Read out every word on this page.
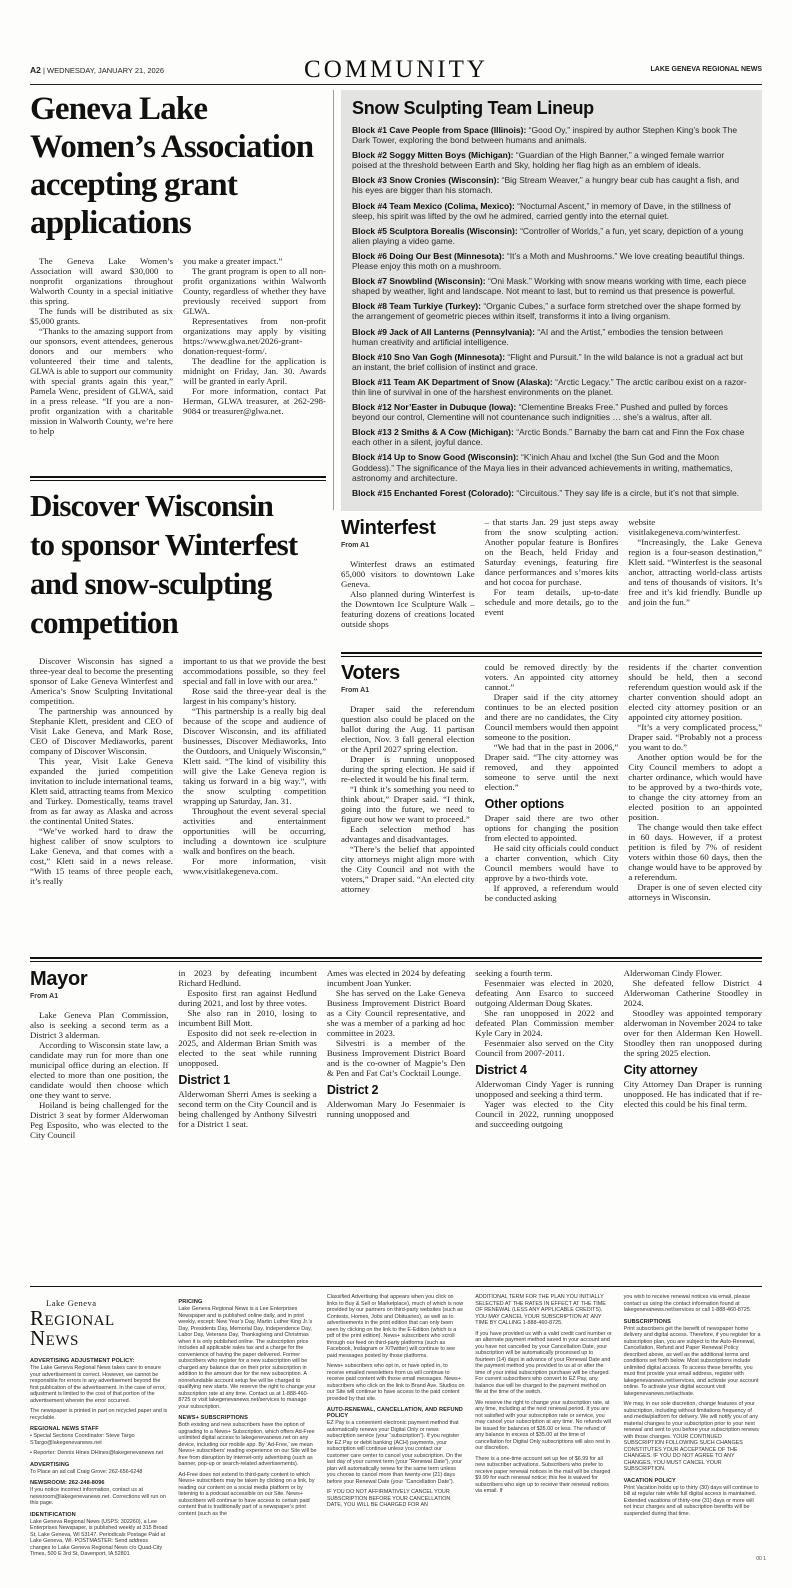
A2 | WEDNESDAY, JANUARY 21, 2026	COMMUNITY	LAKE GENEVA REGIONAL NEWS
Geneva Lake
Women’s Association
accepting grant
applications

The Geneva Lake Women’s Association will award $30,000 to nonprofit organizations throughout Walworth County in a special initiative this spring.

The funds will be distributed as six $5,000 grants.

“Thanks to the amazing support from our sponsors, event attendees, generous donors and our members who volunteered their time and talents, GLWA is able to support our community with special grants again this year,” Pamela Wenc, president of GLWA, said in a press release. “If you are a non-profit organization with a charitable mission in Walworth County, we’re here to help

you make a greater impact.”

The grant program is open to all non-profit organizations within Walworth County, regardless of whether they have previously received support from GLWA.

Representatives from non-profit organizations may apply by visiting https://www.glwa.net/2026-grant-donation-request-form/.

The deadline for the application is midnight on Friday, Jan. 30. Awards will be granted in early April.

For more information, contact Pat Herman, GLWA treasurer, at 262-298-9084 or treasurer@glwa.net.

Snow Sculpting Team Lineup

Block #1 Cave People from Space (Illinois): “Good Oy,” inspired by author Stephen King’s book The Dark Tower, exploring the bond between humans and animals.

Block #2 Soggy Mitten Boys (Michigan): “Guardian of the High Banner,” a winged female warrior poised at the threshold between Earth and Sky, holding her flag high as an emblem of ideals.

Block #3 Snow Cronies (Wisconsin): “Big Stream Weaver,” a hungry bear cub has caught a fish, and his eyes are bigger than his stomach.

Block #4 Team Mexico (Colima, Mexico): “Nocturnal Ascent,” in memory of Dave, in the stillness of sleep, his spirit was lifted by the owl he admired, carried gently into the eternal quiet.

Block #5 Sculptora Borealis (Wisconsin): “Controller of Worlds,” a fun, yet scary, depiction of a young alien playing a video game.

Block #6 Doing Our Best (Minnesota): “It’s a Moth and Mushrooms.” We love creating beautiful things. Please enjoy this moth on a mushroom.

Block #7 Snowblind (Wisconsin): “Oni Mask.” Working with snow means working with time, each piece shaped by weather, light and landscape. Not meant to last, but to remind us that presence is powerful.

Block #8 Team Turkiye (Turkey): “Organic Cubes,” a surface form stretched over the shape formed by the arrangement of geometric pieces within itself, transforms it into a living organism.

Block #9 Jack of All Lanterns (Pennsylvania): “AI and the Artist,” embodies the tension between human creativity and artificial intelligence.

Block #10 Sno Van Gogh (Minnesota): “Flight and Pursuit.” In the wild balance is not a gradual act but an instant, the brief collision of instinct and grace.

Block #11 Team AK Department of Snow (Alaska): “Arctic Legacy.” The arctic caribou exist on a razor-thin line of survival in one of the harshest environments on the planet.

Block #12 Nor’Easter in Dubuque (Iowa): “Clementine Breaks Free.” Pushed and pulled by forces beyond our control, Clementine will not countenance such indignities … she’s a walrus, after all.

Block #13 2 Smiths & A Cow (Michigan): “Arctic Bonds.” Barnaby the barn cat and Finn the Fox chase each other in a silent, joyful dance.

Block #14 Up to Snow Good (Wisconsin): “K’inich Ahau and Ixchel (the Sun God and the Moon Goddess).” The significance of the Maya lies in their advanced achievements in writing, mathematics, astronomy and architecture.

Block #15 Enchanted Forest (Colorado): “Circuitous.” They say life is a circle, but it’s not that simple.

Discover Wisconsin
to sponsor Winterfest
and snow-sculpting
competition

Discover Wisconsin has signed a three-year deal to become the presenting sponsor of Lake Geneva Winterfest and America’s Snow Sculpting Invitational competition.

The partnership was announced by Stephanie Klett, president and CEO of Visit Lake Geneva, and Mark Rose, CEO of Discover Mediaworks, parent company of Discover Wisconsin.

This year, Visit Lake Geneva expanded the juried competition invitation to include international teams, Klett said, attracting teams from Mexico and Turkey. Domestically, teams travel from as far away as Alaska and across the continental United States.

“We’ve worked hard to draw the highest caliber of snow sculptors to Lake Geneva, and that comes with a cost,” Klett said in a news release. “With 15 teams of three people each, it’s really

important to us that we provide the best accommodations possible, so they feel special and fall in love with our area.”

Rose said the three-year deal is the largest in his company’s history.

“This partnership is a really big deal because of the scope and audience of Discover Wisconsin, and its affiliated businesses, Discover Mediaworks, Into the Outdoors, and Uniquely Wisconsin,” Klett said. “The kind of visibility this will give the Lake Geneva region is taking us forward in a big way.”, with the snow sculpting competition wrapping up Saturday, Jan. 31.

Throughout the event several special activities and entertainment opportunities will be occurring, including a downtown ice sculpture walk and bonfires on the beach.

For more information, visit www.visitlakegeneva.com.

Winterfest
From A1

Winterfest draws an estimated 65,000 visitors to downtown Lake Geneva.

Also planned during Winterfest is the Downtown Ice Sculpture Walk – featuring dozens of creations located outside shops

– that starts Jan. 29 just steps away from the snow sculpting action. Another popular feature is Bonfires on the Beach, held Friday and Saturday evenings, featuring fire dance performances and s’mores kits and hot cocoa for purchase.

For team details, up-to-date schedule and more details, go to the event

website visitlakegeneva.com/winterfest.

“Increasingly, the Lake Geneva region is a four-season destination,” Klett said. “Winterfest is the seasonal anchor, attracting world-class artists and tens of thousands of visitors. It’s free and it’s kid friendly. Bundle up and join the fun.”

Voters
From A1

Draper said the referendum question also could be placed on the ballot during the Aug. 11 partisan election, Nov. 3 fall general election or the April 2027 spring election.

Draper is running unopposed during the spring election. He said if re-elected it would be his final term.

“I think it’s something you need to think about,” Draper said. “I think, going into the future, we need to figure out how we want to proceed.”

Each selection method has advantages and disadvantages.

“There’s the belief that appointed city attorneys might align more with the City Council and not with the voters,” Draper said. “An elected city attorney

could be removed directly by the voters. An appointed city attorney cannot.”

Draper said if the city attorney continues to be an elected position and there are no candidates, the City Council members would then appoint someone to the position.

“We had that in the past in 2006,” Draper said. “The city attorney was removed, and they appointed someone to serve until the next election.”

Other options

Draper said there are two other options for changing the position from elected to appointed.

He said city officials could conduct a charter convention, which City Council members would have to approve by a two-thirds vote.

If approved, a referendum would be conducted asking

residents if the charter convention should be held, then a second referendum question would ask if the charter convention should adopt an elected city attorney position or an appointed city attorney position.

“It’s a very complicated process,” Draper said. “Probably not a process you want to do.”

Another option would be for the City Council members to adopt a charter ordinance, which would have to be approved by a two-thirds vote, to change the city attorney from an elected position to an appointed position.

The change would then take effect in 60 days. However, if a protest petition is filed by 7% of resident voters within those 60 days, then the change would have to be approved by a referendum.

Draper is one of seven elected city attorneys in Wisconsin.

Mayor
From A1

Lake Geneva Plan Commission, also is seeking a second term as a District 3 alderman.

According to Wisconsin state law, a candidate may run for more than one municipal office during an election. If elected to more than one position, the candidate would then choose which one they want to serve.

Hoiland is being challenged for the District 3 seat by former Alderwoman Peg Esposito, who was elected to the City Council

in 2023 by defeating incumbent Richard Hedlund.

Esposito first ran against Hedlund during 2021, and lost by three votes.

She also ran in 2010, losing to incumbent Bill Mott.

Esposito did not seek re-election in 2025, and Alderman Brian Smith was elected to the seat while running unopposed.

District 1

Alderwoman Sherri Ames is seeking a second term on the City Council and is being challenged by Anthony Silvestri for a District 1 seat.

Ames was elected in 2024 by defeating incumbent Joan Yunker.

She has served on the Lake Geneva Business Improvement District Board as a City Council representative, and she was a member of a parking ad hoc committee in 2023.

Silvestri is a member of the Business Improvement District Board and is the co-owner of Magpie’s Den & Pen and Fat Cat’s Cocktail Lounge.

District 2

Alderwoman Mary Jo Fesenmaier is running unopposed and

seeking a fourth term.

Fesenmaier was elected in 2020, defeating Ann Esarco to succeed outgoing Alderman Doug Skates.

She ran unopposed in 2022 and defeated Plan Commission member Kyle Cary in 2024.

Fesenmaier also served on the City Council from 2007-2011.

District 4

Alderwoman Cindy Yager is running unopposed and seeking a third term.

Yager was elected to the City Council in 2022, running unopposed and succeeding outgoing

Alderwoman Cindy Flower.

She defeated fellow District 4 Alderwoman Catherine Stoodley in 2024.

Stoodley was appointed temporary alderwoman in November 2024 to take over for then Alderman Ken Howell. Stoodley then ran unopposed during the spring 2025 election.

City attorney

City Attorney Dan Draper is running unopposed. He has indicated that if re-elected this could be his final term.

Lake Geneva
Regional News
ADVERTISING ADJUSTMENT POLICY:
The Lake Geneva Regional News takes care to ensure your advertisement is correct. However, we cannot be responsible for errors in any advertisement beyond the first publication of the advertisement. In the case of error, adjustment is limited to the cost of that portion of the advertisement wherein the error occurred.
The newspaper is printed in part on recycled paper and is recyclable.
REGIONAL NEWS STAFF
• Special Sections Coordinator: Steve Targo STargo@lakegenevanews.net
• Reporter: Dennis Hines DHines@lakegenevanews.net
ADVERTISING
To Place an ad call Craig Grove: 262-656-6248
NEWSROOM: 262-248-8096
If you notice incorrect information, contact us at newsroom@lakegenevanews.net. Corrections will run on this page.
IDENTIFICATION
Lake Geneva Regional News (USPS: 302260), a Lee Enterprises Newspaper, is published weekly at 315 Broad St, Lake Geneva, WI 53147. Periodicals Postage Paid at Lake Geneva, WI. POSTMASTER: Send address changes to Lake Geneva Regional News c/o Quad-City Times, 500 E 3rd St, Davenport, IA 52801
PRICING
Lake Geneva Regional News is a Lee Enterprises Newspaper and is published online daily, and in print weekly, except: New Year’s Day, Martin Luther King Jr.’s Day, Presidents Day, Memorial Day, Independence Day, Labor Day, Veterans Day, Thanksgiving and Christmas when it is only published online. The subscription price includes all applicable sales tax and a charge for the convenience of having the paper delivered. Former subscribers who register for a new subscription will be charged any balance due on their prior subscription in addition to the amount due for the new subscription. A nonrefundable account setup fee will be charged to qualifying new starts. We reserve the right to change your subscription rate at any time. Contact us at 1-888-460-8725 or visit lakegenevanews.net/services to manage your subscription.
NEWS+ SUBSCRIPTIONS
Both existing and new subscribers have the option of upgrading to a News+ Subscription, which offers Ad-Free unlimited digital access to lakegenevanews.net on any device, including our mobile app. By ‘Ad-Free,’ we mean News+ subscribers’ reading experience on our Site will be free from disruption by internet-only advertising (such as banner, pop-up or search-related advertisements).
Ad-Free does not extend to third-party content to which News+ subscribers may be taken by clicking on a link, by reading our content on a social media platform or by listening to a podcast accessible on our Site. News+ subscribers will continue to have access to certain paid content that is traditionally part of a newspaper’s print content (such as the
Classified Advertising that appears when you click on links to Buy & Sell or Marketplace), much of which is now provided by our partners on third-party websites (such as Contests, Homes, Jobs and Obituaries), as well as to advertisements in the print edition that can only been seen by clicking on the link to the E-Edition (which is a pdf of the print edition). News+ subscribers who scroll through our feed on third-party platforms (such as Facebook, Instagram or X/Twitter) will continue to see paid messages posted by those platforms.
News+ subscribers who opt in, or have opted in, to receive emailed newsletters from us will continue to receive paid content with those email messages. News+ subscribers who click on the link to Brand Ave. Studios on our Site will continue to have access to the paid content provided by that site.
AUTO-RENEWAL, CANCELLATION, AND REFUND POLICY
EZ Pay is a convenient electronic payment method that automatically renews your Digital Only or news subscription service (your “subscription”). If you register for EZ Pay or debit banking (ACH) payments, your subscription will continue unless you contact our customer care center to cancel your subscription. On the last day of your current term (your “Renewal Date”), your plan will automatically renew for the same term unless you choose to cancel more than twenty-one (21) days before your Renewal Date (your “Cancellation Date”).
IF YOU DO NOT AFFIRMATIVELY CANCEL YOUR SUBSCRIPTION BEFORE YOUR CANCELLATION DATE, YOU WILL BE CHARGED FOR AN
ADDITIONAL TERM FOR THE PLAN YOU INITIALLY SELECTED AT THE RATES IN EFFECT AT THE TIME OF RENEWAL (LESS ANY APPLICABLE CREDITS). YOU MAY CANCEL YOUR SUBSCRIPTION AT ANY TIME BY CALLING 1-888-460-8725.
If you have provided us with a valid credit card number or an alternate payment method saved in your account and you have not cancelled by your Cancellation Date, your subscription will be automatically processed up to fourteen (14) days in advance of your Renewal Date and the payment method you provided to us at or after the time of your initial subscription purchase will be charged. For current subscribers who convert to EZ Pay, any balance due will be charged to the payment method on file at the time of the switch.
We reserve the right to change your subscription rate, at any time, including at the next renewal period. If you are not satisfied with your subscription rate or service, you may cancel your subscription at any time. No refunds will be issued for balances of $35.00 or less. The refund of any balance in excess of $35.00 at the time of cancellation for Digital Only subscriptions will also rest in our discretion.
There is a one-time account set up fee of $6.99 for all new subscriber activations. Subscribers who prefer to receive paper renewal notices in the mail will be charged $9.99 for each renewal notice; this fee is waived for subscribers who sign up to receive their renewal notices via email. If
you wish to receive renewal notices via email, please contact us using the contact information found at lakegenevanews.net/services or call 1-888-460-8725.
SUBSCRIPTIONS
Print subscribers get the benefit of newspaper home delivery and digital access. Therefore, if you register for a subscription plan, you are subject to the Auto-Renewal, Cancellation, Refund and Paper Renewal Policy described above, as well as the additional terms and conditions set forth below. Most subscriptions include unlimited digital access. To access these benefits, you must first provide your email address, register with lakegenevanews.net/services, and activate your account online. To activate your digital account visit lakegenevanews.net/activate.
We may, in our sole discretion, change features of your subscription, including without limitations frequency of and media/platform for delivery. We will notify you of any material changes to your subscription prior to your next renewal and sent to you before your subscription renews with those changes. YOUR CONTINUED SUBSCRIPTION FOLLOWING SUCH CHANGES CONSTITUTES YOUR ACCEPTANCE OF THE CHANGES. IF YOU DO NOT AGREE TO ANY CHANGES, YOU MUST CANCEL YOUR SUBSCRIPTION.
VACATION POLICY
Print Vacation holds up to thirty (30) days will continue to bill at regular rate while full digital access is maintained. Extended vacations of thirty-one (31) days or more will not incur charges and all subscription benefits will be suspended during that time.
00 1
